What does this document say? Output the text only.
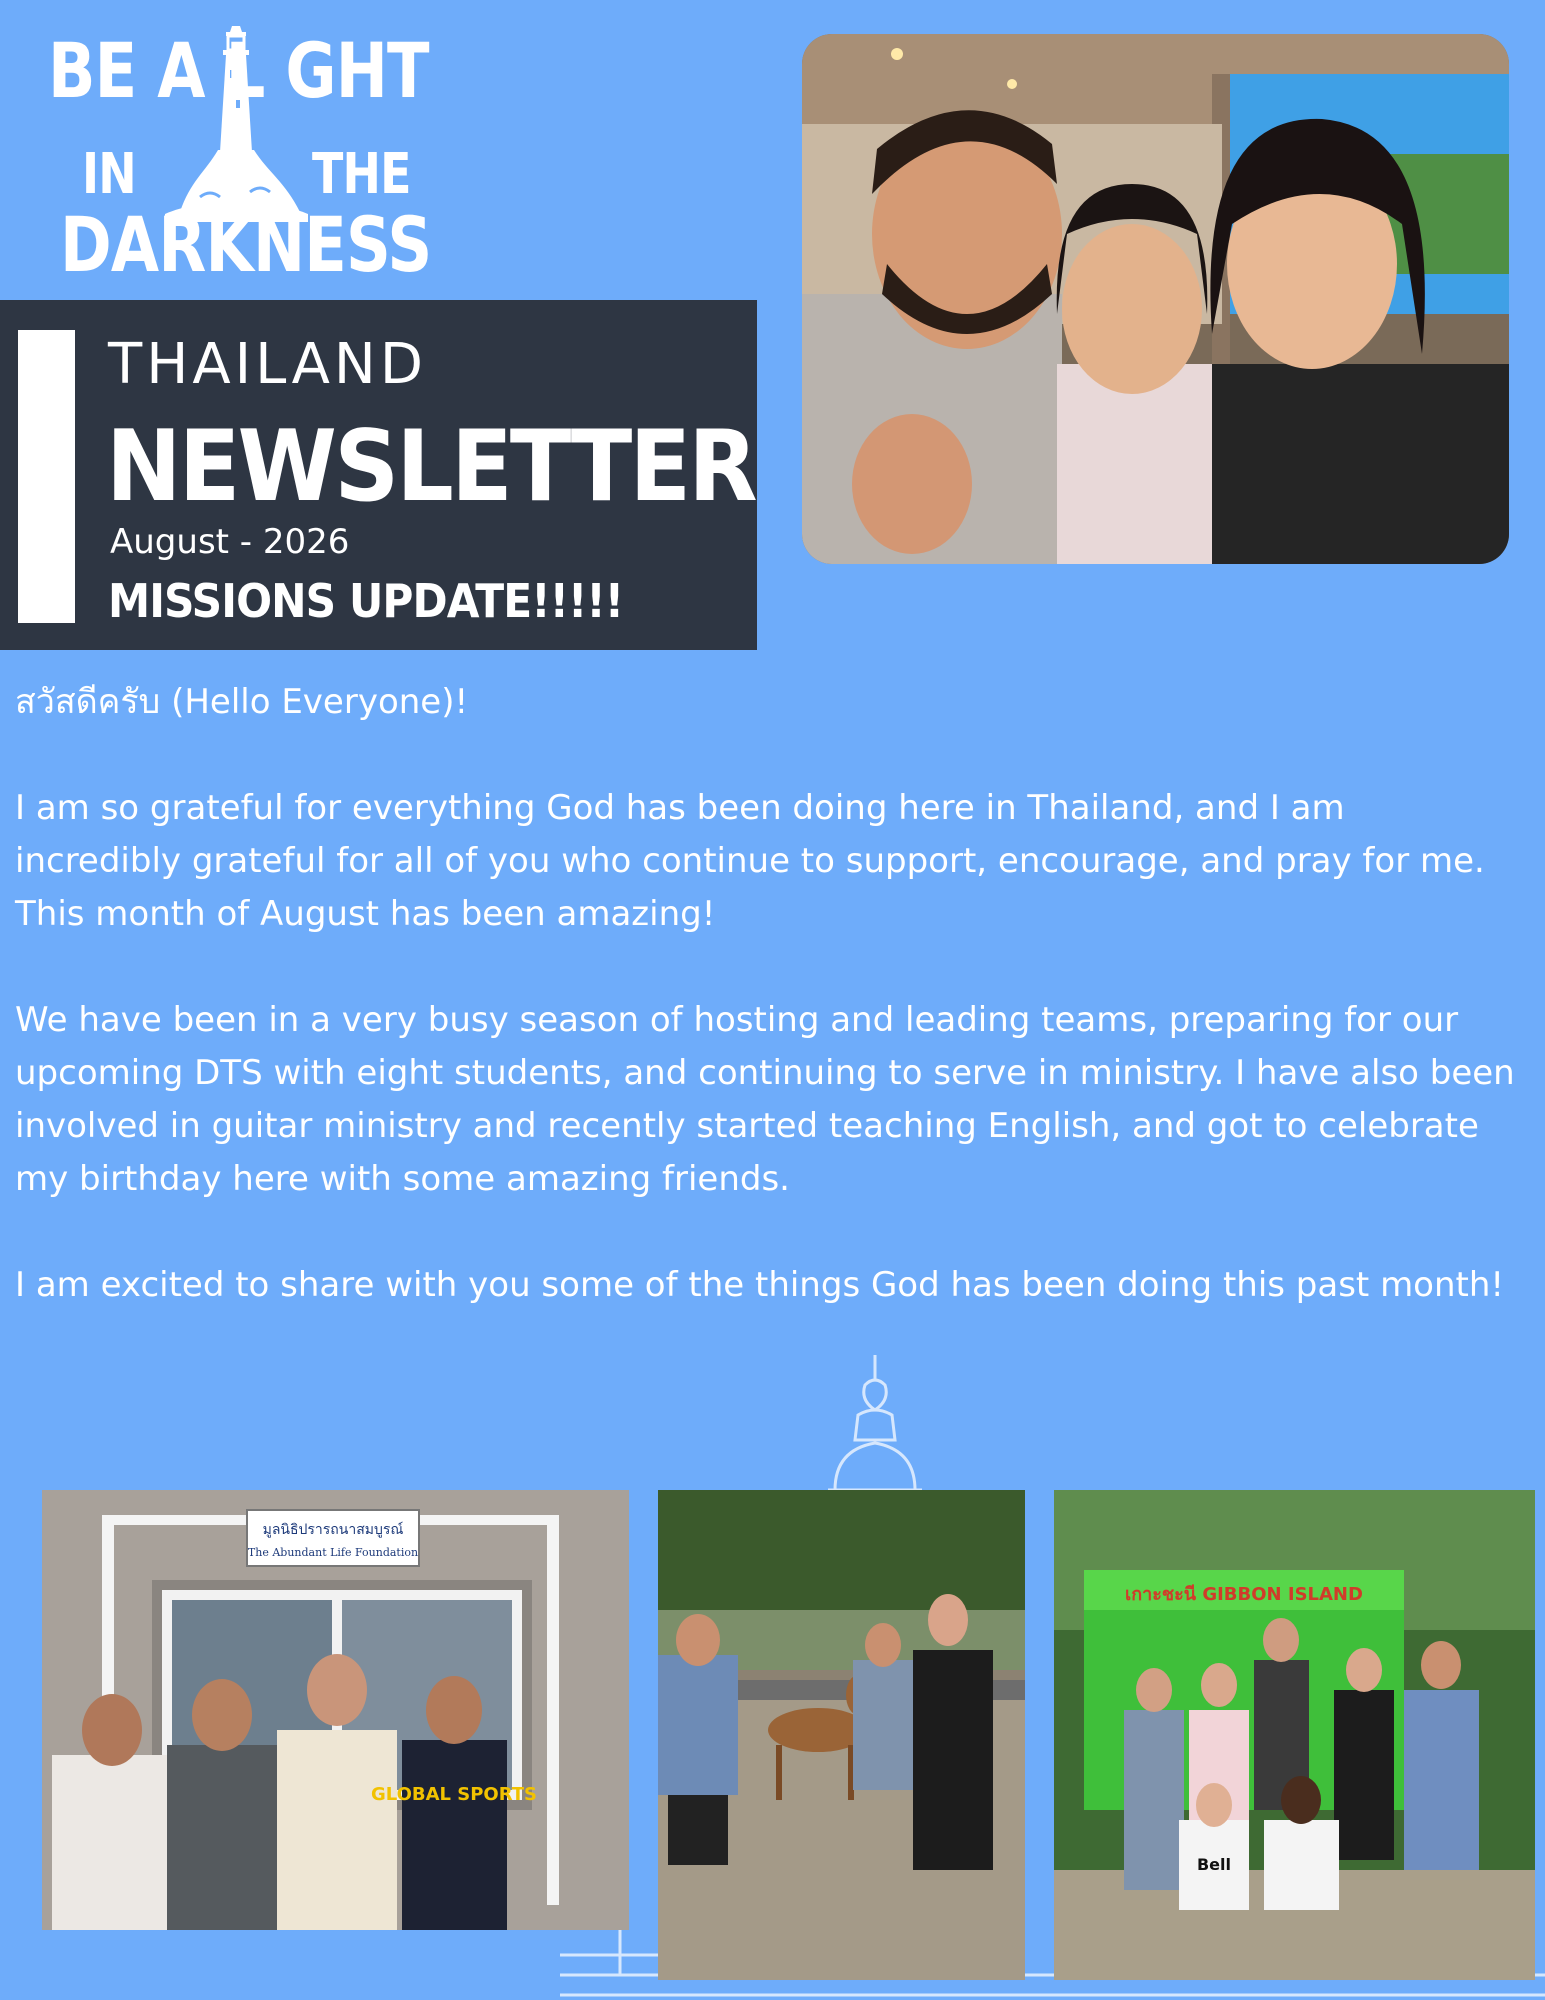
BE A L GHT
IN	THE
DARKNESS
THAILAND
NEWSLETTER
August - 2026
MISSIONS UPDATE!!!!!

สวัสดีครับ (Hello Everyone)!

I am so grateful for everything God has been doing here in Thailand, and I am incredibly grateful for all of you who continue to support, encourage, and pray for me. This month of August has been amazing!

We have been in a very busy season of hosting and leading teams, preparing for our upcoming DTS with eight students, and continuing to serve in ministry. I have also been involved in guitar ministry and recently started teaching English, and got to celebrate my birthday here with some amazing friends.

I am excited to share with you some of the things God has been doing this past month!

มูลนิธิปรารถนาสมบูรณ์
The Abundant Life Foundation
GLOBAL SPORTS
เกาะชะนี GIBBON ISLAND
Bell
